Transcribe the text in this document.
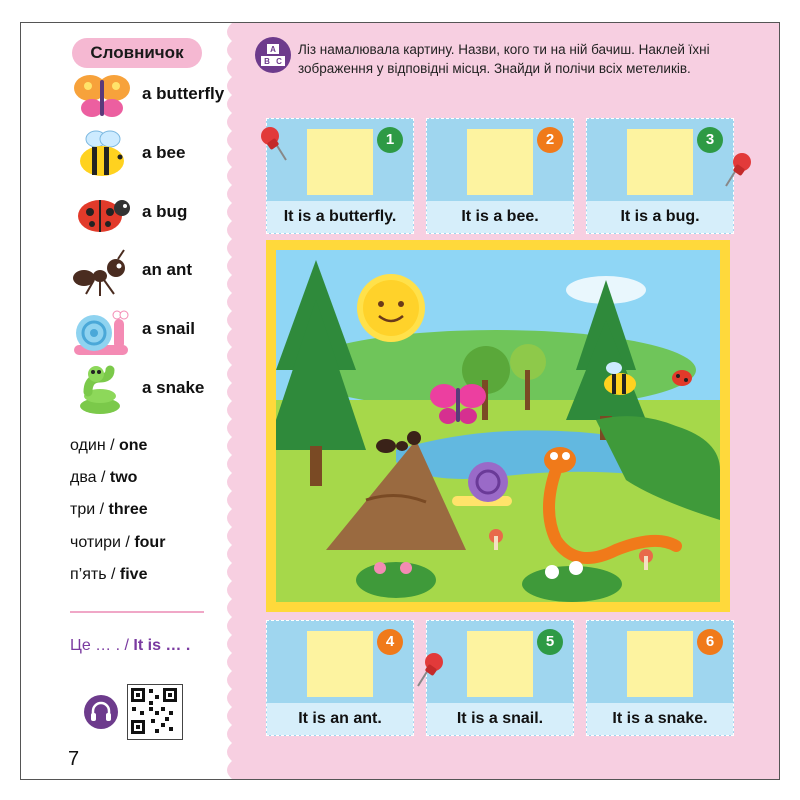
Словничок
a butterfly
a bee
a bug
an ant
a snail
a snake
один / one
два / two
три / three
чотири / four
п’ять / five
Це … . / It is … .
7
A
B C
Ліз намалювала картину. Назви, кого ти на ній бачиш. Наклей їхні зображення у відповідні місця. Знайди й полічи всіх метеликів.
1
It is a butterfly.
2
It is a bee.
3
It is a bug.
4
It is an ant.
5
It is a snail.
6
It is a snake.
